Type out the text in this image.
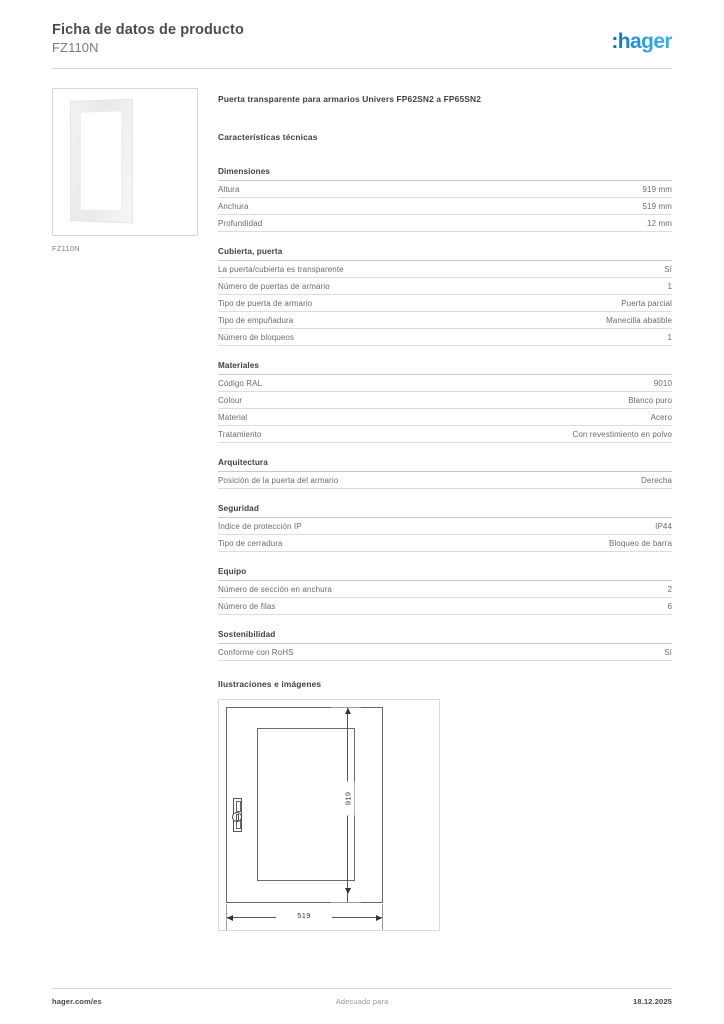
Ficha de datos de producto
FZ110N	:hager
FZ110N
Puerta transparente para armarios Univers FP62SN2 a FP65SN2
Características técnicas
Dimensiones
Altura	919 mm
Anchura	519 mm
Profundidad	12 mm
Cubierta, puerta
La puerta/cubierta es transparente	Sí
Número de puertas de armario	1
Tipo de puerta de armario	Puerta parcial
Tipo de empuñadura	Manecilla abatible
Número de bloqueos	1
Materiales
Código RAL	9010
Colour	Blanco puro
Material	Acero
Tratamiento	Con revestimiento en polvo
Arquitectura
Posición de la puerta del armario	Derecha
Seguridad
Índice de protección IP	IP44
Tipo de cerradura	Bloqueo de barra
Equipo
Número de sección en anchura	2
Número de filas	6
Sostenibilidad
Conforme con RoHS	Sí
Ilustraciones e imágenes
919
519
hager.com/es	Adecuado para	18.12.2025
